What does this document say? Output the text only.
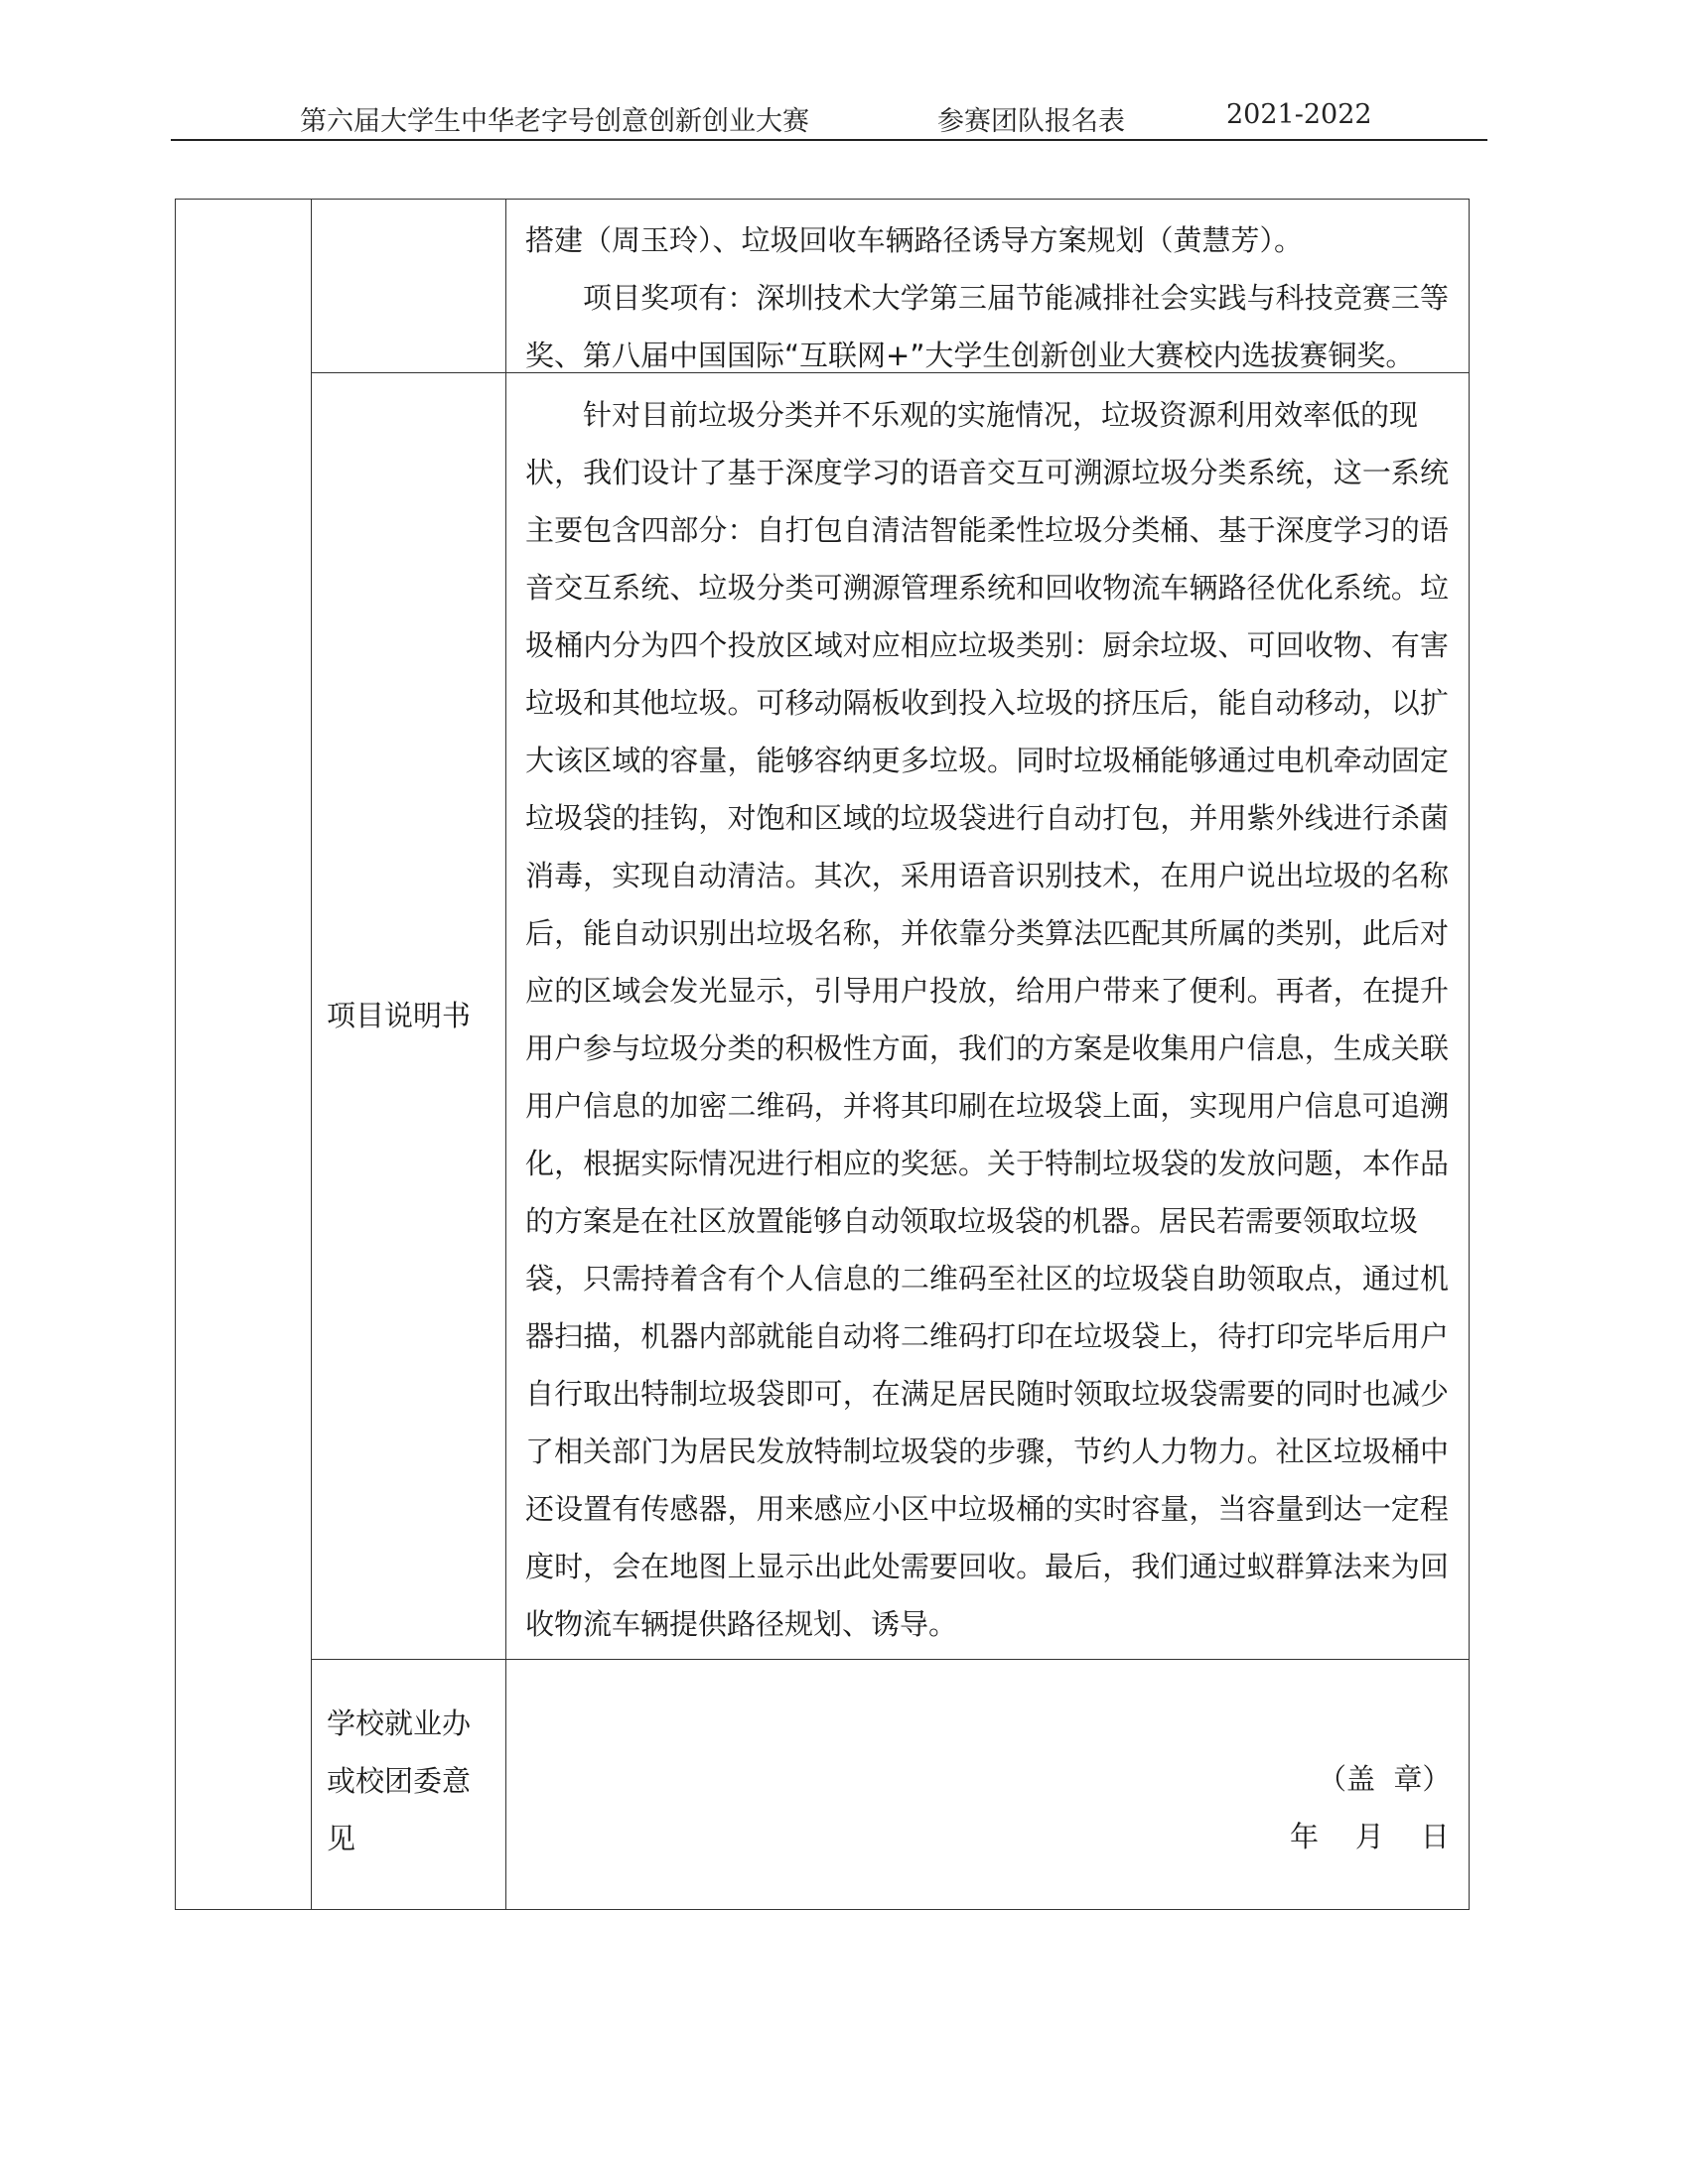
第六届大学生中华老字号创意创新创业大赛	参赛团队报名表	2021-2022
搭建（周玉玲）、垃圾回收车辆路径诱导方案规划（黄慧芳）。
项目奖项有：深圳技术大学第三届节能减排社会实践与科技竞赛三等
奖、第八届中国国际“互联网+”大学生创新创业大赛校内选拔赛铜奖。
项目说明书
针对目前垃圾分类并不乐观的实施情况，垃圾资源利用效率低的现
状，我们设计了基于深度学习的语音交互可溯源垃圾分类系统，这一系统
主要包含四部分：自打包自清洁智能柔性垃圾分类桶、基于深度学习的语
音交互系统、垃圾分类可溯源管理系统和回收物流车辆路径优化系统。垃
圾桶内分为四个投放区域对应相应垃圾类别：厨余垃圾、可回收物、有害
垃圾和其他垃圾。可移动隔板收到投入垃圾的挤压后，能自动移动，以扩
大该区域的容量，能够容纳更多垃圾。同时垃圾桶能够通过电机牵动固定
垃圾袋的挂钩，对饱和区域的垃圾袋进行自动打包，并用紫外线进行杀菌
消毒，实现自动清洁。其次，采用语音识别技术，在用户说出垃圾的名称
后，能自动识别出垃圾名称，并依靠分类算法匹配其所属的类别，此后对
应的区域会发光显示，引导用户投放，给用户带来了便利。再者，在提升
用户参与垃圾分类的积极性方面，我们的方案是收集用户信息，生成关联
用户信息的加密二维码，并将其印刷在垃圾袋上面，实现用户信息可追溯
化，根据实际情况进行相应的奖惩。关于特制垃圾袋的发放问题，本作品
的方案是在社区放置能够自动领取垃圾袋的机器。居民若需要领取垃圾
袋，只需持着含有个人信息的二维码至社区的垃圾袋自助领取点，通过机
器扫描，机器内部就能自动将二维码打印在垃圾袋上，待打印完毕后用户
自行取出特制垃圾袋即可，在满足居民随时领取垃圾袋需要的同时也减少
了相关部门为居民发放特制垃圾袋的步骤，节约人力物力。社区垃圾桶中
还设置有传感器，用来感应小区中垃圾桶的实时容量，当容量到达一定程
度时，会在地图上显示出此处需要回收。最后，我们通过蚁群算法来为回
收物流车辆提供路径规划、诱导。
学校就业办或校团委意见
（盖  章）
年    月    日
